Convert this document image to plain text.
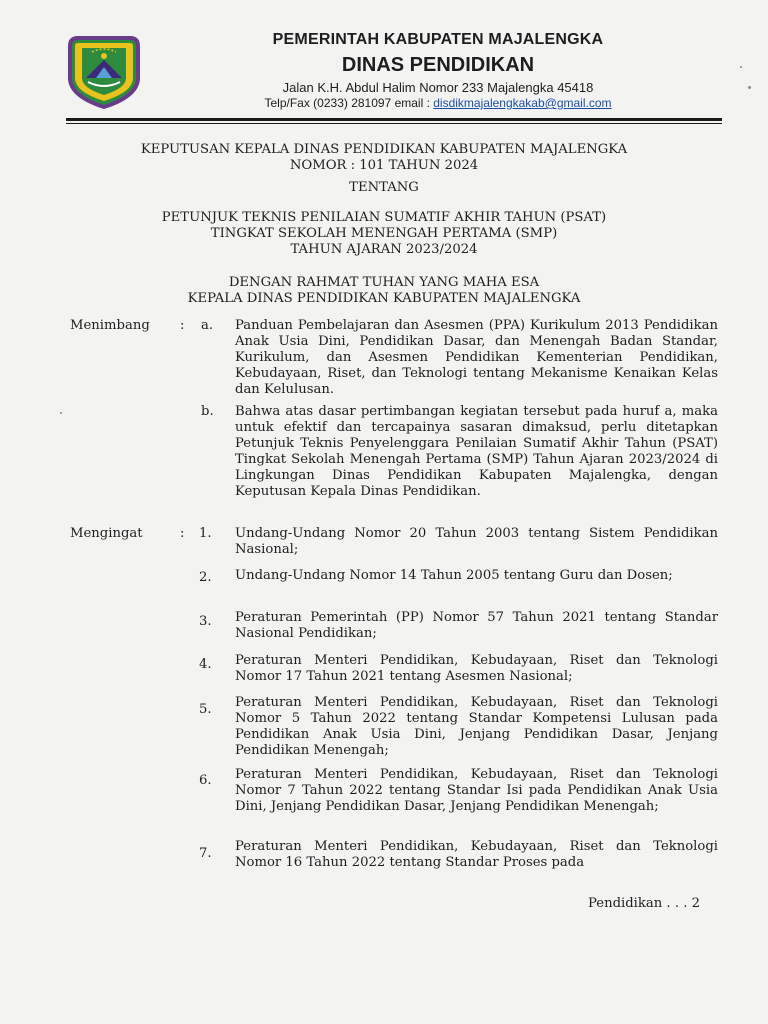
PEMERINTAH KABUPATEN MAJALENGKA
DINAS PENDIDIKAN
Jalan K.H. Abdul Halim Nomor 233 Majalengka 45418
Telp/Fax (0233) 281097 email : disdikmajalengkakab@gmail.com
KEPUTUSAN KEPALA DINAS PENDIDIKAN KABUPATEN MAJALENGKA
NOMOR : 101 TAHUN 2024
TENTANG
PETUNJUK TEKNIS PENILAIAN SUMATIF AKHIR TAHUN (PSAT)
TINGKAT SEKOLAH MENENGAH PERTAMA (SMP)
TAHUN AJARAN 2023/2024
DENGAN RAHMAT TUHAN YANG MAHA ESA
KEPALA DINAS PENDIDIKAN KABUPATEN MAJALENGKA
Menimbang : a. Panduan Pembelajaran dan Asesmen (PPA) Kurikulum 2013 Pendidikan Anak Usia Dini, Pendidikan Dasar, dan Menengah Badan Standar, Kurikulum, dan Asesmen Pendidikan Kementerian Pendidikan, Kebudayaan, Riset, dan Teknologi tentang Mekanisme Kenaikan Kelas dan Kelulusan.
b. Bahwa atas dasar pertimbangan kegiatan tersebut pada huruf a, maka untuk efektif dan tercapainya sasaran dimaksud, perlu ditetapkan Petunjuk Teknis Penyelenggara Penilaian Sumatif Akhir Tahun (PSAT) Tingkat Sekolah Menengah Pertama (SMP) Tahun Ajaran 2023/2024 di Lingkungan Dinas Pendidikan Kabupaten Majalengka, dengan Keputusan Kepala Dinas Pendidikan.
Mengingat	: 1. Undang-Undang Nomor 20 Tahun 2003 tentang Sistem Pendidikan Nasional;
2. Undang-Undang Nomor 14 Tahun 2005 tentang Guru dan Dosen;
3. Peraturan Pemerintah (PP) Nomor 57 Tahun 2021 tentang Standar Nasional Pendidikan;
4. Peraturan Menteri Pendidikan, Kebudayaan, Riset dan Teknologi Nomor 17 Tahun 2021 tentang Asesmen Nasional;
5. Peraturan Menteri Pendidikan, Kebudayaan, Riset dan Teknologi Nomor 5 Tahun 2022 tentang Standar Kompetensi Lulusan pada Pendidikan Anak Usia Dini, Jenjang Pendidikan Dasar, Jenjang Pendidikan Menengah;
6. Peraturan Menteri Pendidikan, Kebudayaan, Riset dan Teknologi Nomor 7 Tahun 2022 tentang Standar Isi pada Pendidikan Anak Usia Dini, Jenjang Pendidikan Dasar, Jenjang Pendidikan Menengah;
7. Peraturan Menteri Pendidikan, Kebudayaan, Riset dan Teknologi Nomor 16 Tahun 2022 tentang Standar Proses pada
Pendidikan . . . 2
